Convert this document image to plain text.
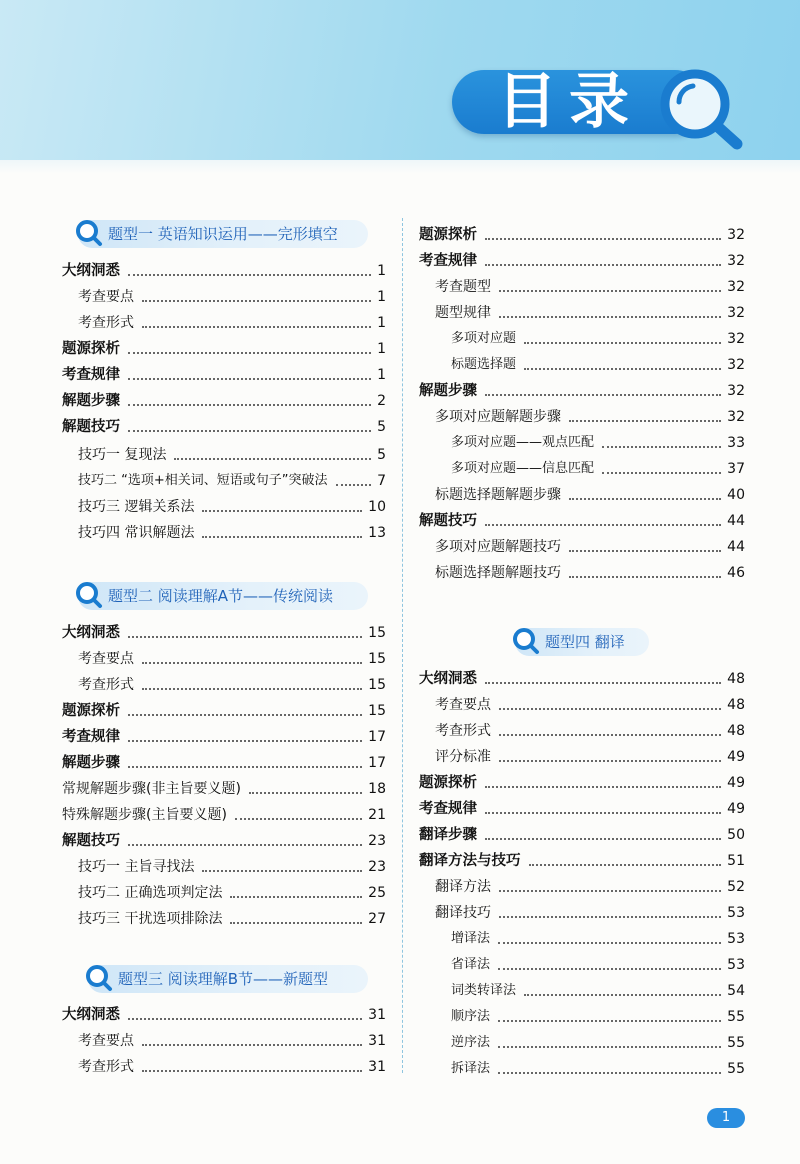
目录
题型一 英语知识运用——完形填空
大纲洞悉	1
考查要点	1
考查形式	1
题源探析	1
考查规律	1
解题步骤	2
解题技巧	5
技巧一 复现法	5
技巧二 “选项+相关词、短语或句子”突破法	7
技巧三 逻辑关系法	10
技巧四 常识解题法	13
题型二 阅读理解A节——传统阅读
大纲洞悉	15
考查要点	15
考查形式	15
题源探析	15
考查规律	17
解题步骤	17
常规解题步骤(非主旨要义题)	18
特殊解题步骤(主旨要义题)	21
解题技巧	23
技巧一 主旨寻找法	23
技巧二 正确选项判定法	25
技巧三 干扰选项排除法	27
题型三 阅读理解B节——新题型
大纲洞悉	31
考查要点	31
考查形式	31
题源探析	32
考查规律	32
考查题型	32
题型规律	32
多项对应题	32
标题选择题	32
解题步骤	32
多项对应题解题步骤	32
多项对应题——观点匹配	33
多项对应题——信息匹配	37
标题选择题解题步骤	40
解题技巧	44
多项对应题解题技巧	44
标题选择题解题技巧	46
题型四 翻译
大纲洞悉	48
考查要点	48
考查形式	48
评分标准	49
题源探析	49
考查规律	49
翻译步骤	50
翻译方法与技巧	51
翻译方法	52
翻译技巧	53
增译法	53
省译法	53
词类转译法	54
顺序法	55
逆序法	55
拆译法	55
1
